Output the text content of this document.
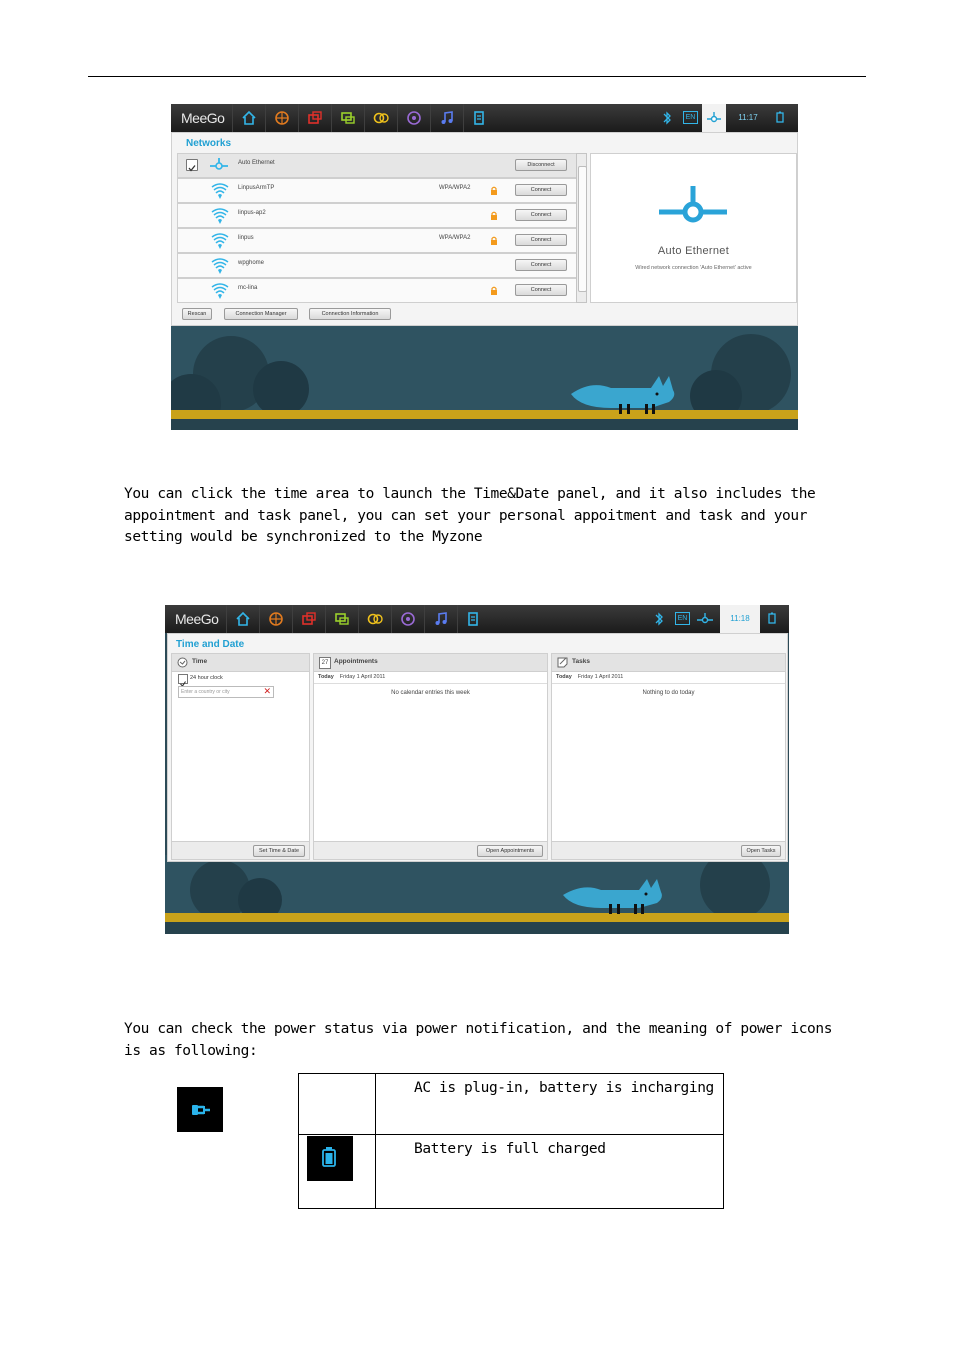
MeeGo	EN	11:17
Networks
Auto Ethernet	Disconnect
LinpusArmTP	WPA/WPA2	Connect
linpus-ap2	Connect
linpus	WPA/WPA2	Connect
wpghome	Connect
mc-lina	Connect
Auto Ethernet
Wired network connection 'Auto Ethernet' active
Rescan	Connection Manager	Connection Information
You can click the time area to launch the Time&Date panel, and it also includes the appointment and task panel, you can set your personal appoitment and task and your setting would be synchronized to the Myzone
MeeGo	EN	11:18
Time and Date
Time
24 hour clock
Enter a country or city	✕
Set Time & Date
27 Appointments
Today Friday 1 April 2011
No calendar entries this week
Open Appointments
Tasks
Today Friday 1 April 2011
Nothing to do today
Open Tasks
You can check the power status via power notification, and the meaning of power icons is as following:
AC is plug-in, battery is incharging
Battery is full charged
